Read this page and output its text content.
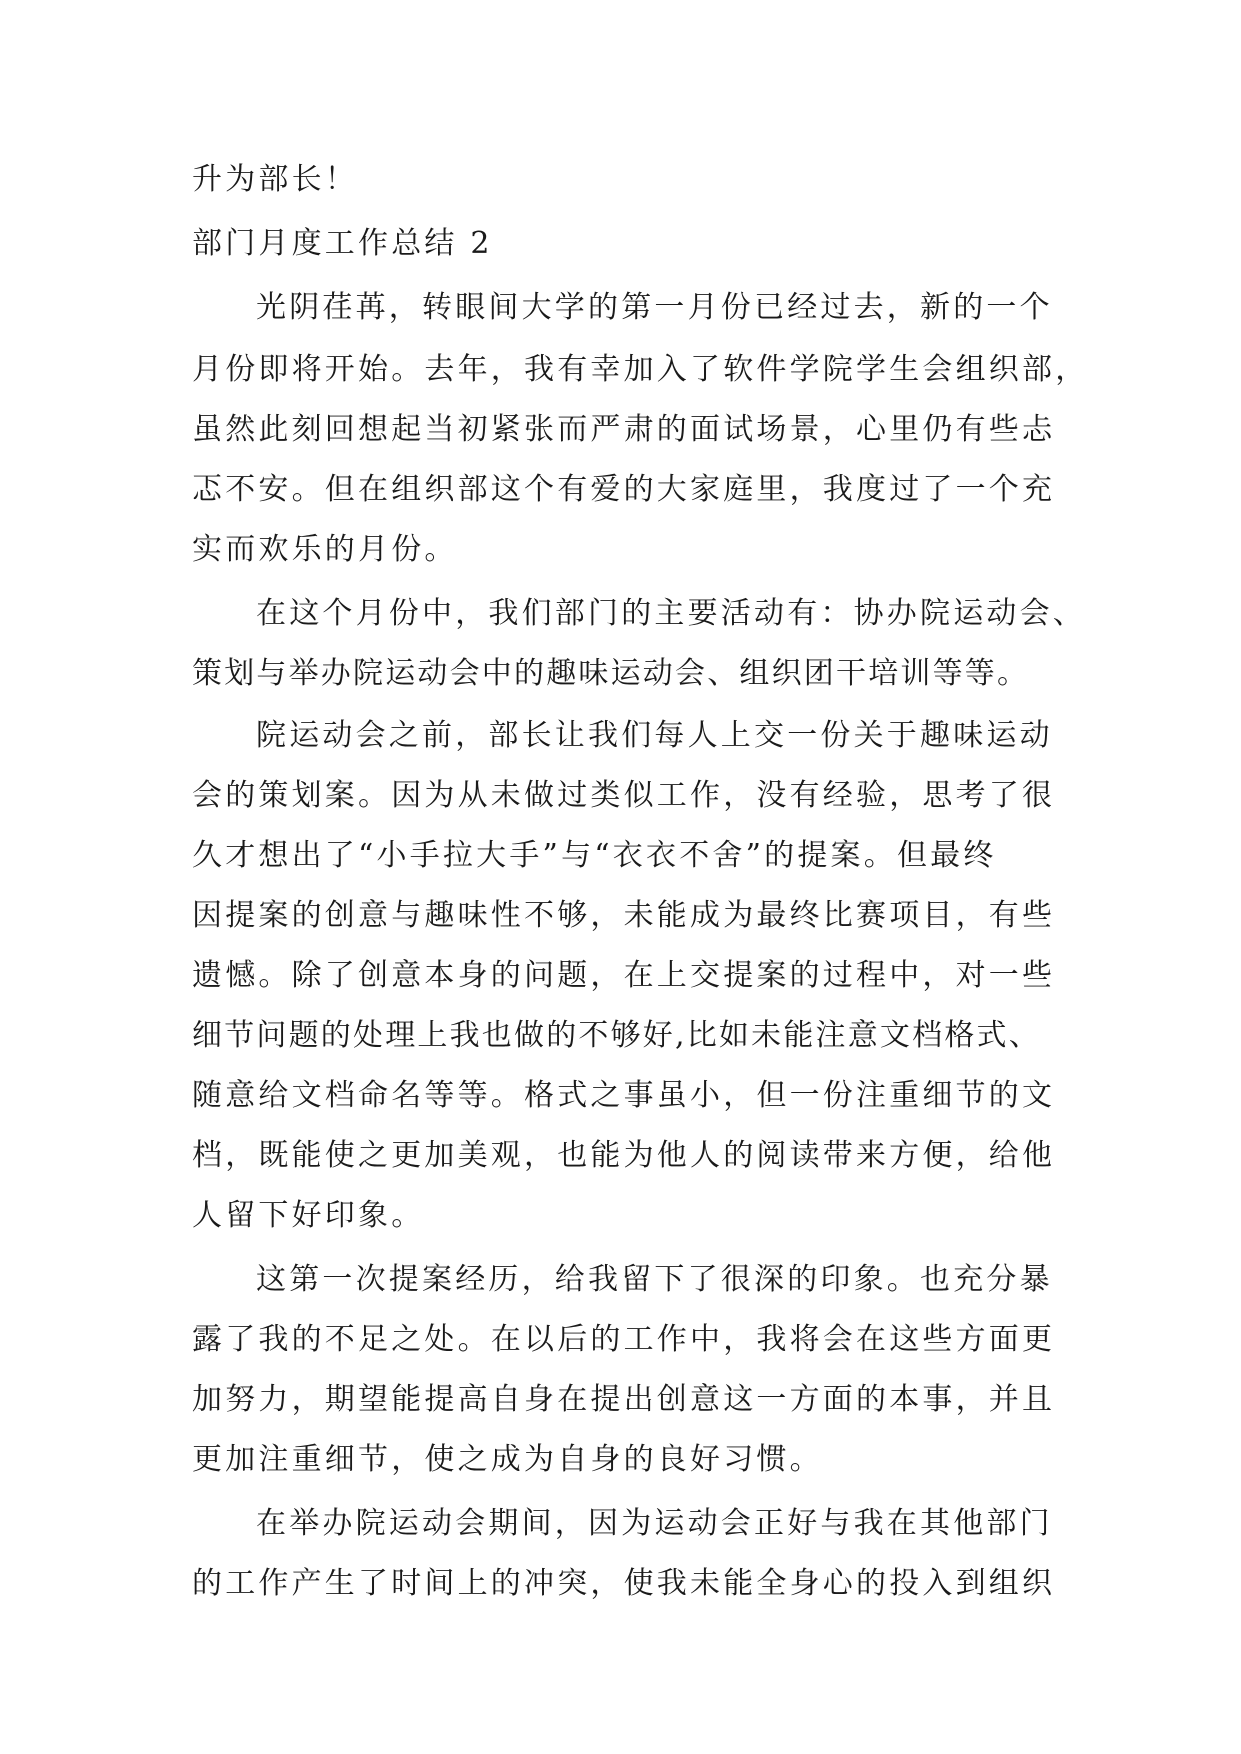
升为部长！
部门月度工作总结 2
光阴荏苒，转眼间大学的第一月份已经过去，新的一个
月份即将开始。去年，我有幸加入了软件学院学生会组织部，
虽然此刻回想起当初紧张而严肃的面试场景，心里仍有些忐
忑不安。但在组织部这个有爱的大家庭里，我度过了一个充
实而欢乐的月份。
在这个月份中，我们部门的主要活动有：协办院运动会、
策划与举办院运动会中的趣味运动会、组织团干培训等等。
院运动会之前，部长让我们每人上交一份关于趣味运动
会的策划案。因为从未做过类似工作，没有经验，思考了很
久才想出了“小手拉大手”与“衣衣不舍”的提案。但最终
因提案的创意与趣味性不够，未能成为最终比赛项目，有些
遗憾。除了创意本身的问题，在上交提案的过程中，对一些
细节问题的处理上我也做的不够好,比如未能注意文档格式、
随意给文档命名等等。格式之事虽小，但一份注重细节的文
档，既能使之更加美观，也能为他人的阅读带来方便，给他
人留下好印象。
这第一次提案经历，给我留下了很深的印象。也充分暴
露了我的不足之处。在以后的工作中，我将会在这些方面更
加努力，期望能提高自身在提出创意这一方面的本事，并且
更加注重细节，使之成为自身的良好习惯。
在举办院运动会期间，因为运动会正好与我在其他部门
的工作产生了时间上的冲突，使我未能全身心的投入到组织
